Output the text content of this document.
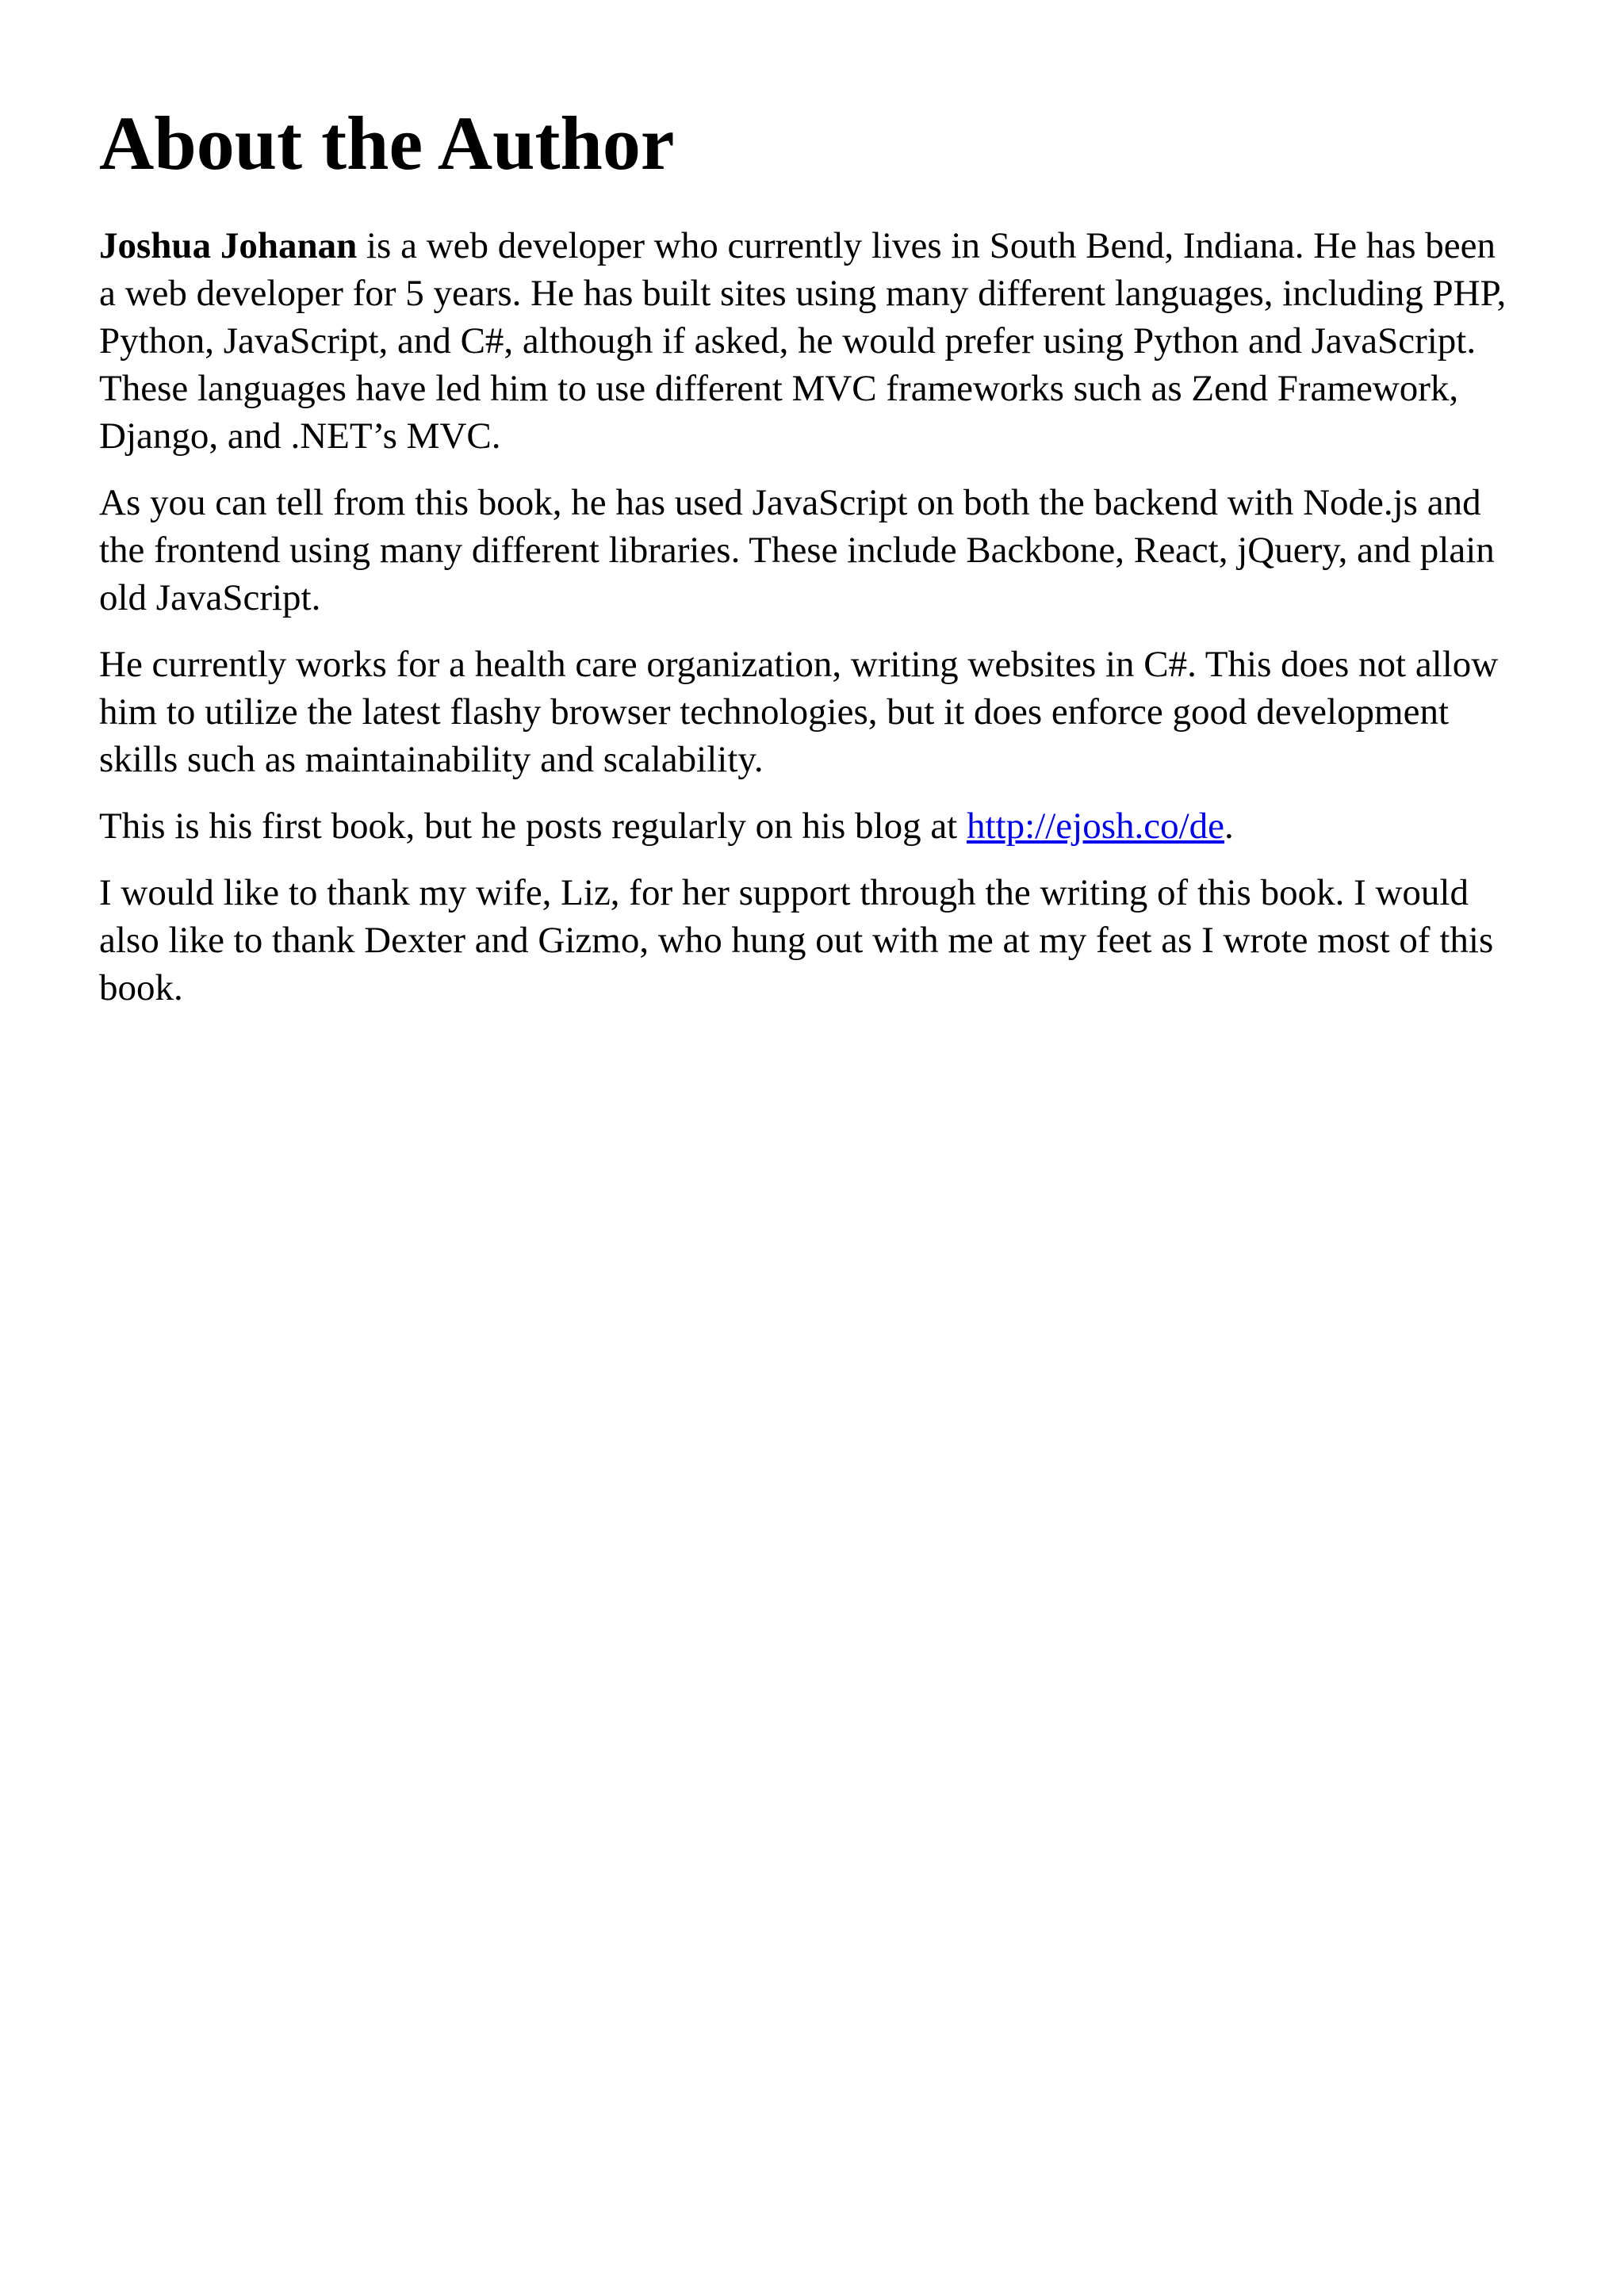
About the Author

Joshua Johanan is a web developer who currently lives in South Bend, Indiana. He has been a web developer for 5 years. He has built sites using many different languages, including PHP, Python, JavaScript, and C#, although if asked, he would prefer using Python and JavaScript. These languages have led him to use different MVC frameworks such as Zend Framework, Django, and .NET’s MVC.

As you can tell from this book, he has used JavaScript on both the backend with Node.js and the frontend using many different libraries. These include Backbone, React, jQuery, and plain old JavaScript.

He currently works for a health care organization, writing websites in C#. This does not allow him to utilize the latest flashy browser technologies, but it does enforce good development skills such as maintainability and scalability.

This is his first book, but he posts regularly on his blog at http://ejosh.co/de.

I would like to thank my wife, Liz, for her support through the writing of this book. I would also like to thank Dexter and Gizmo, who hung out with me at my feet as I wrote most of this book.
